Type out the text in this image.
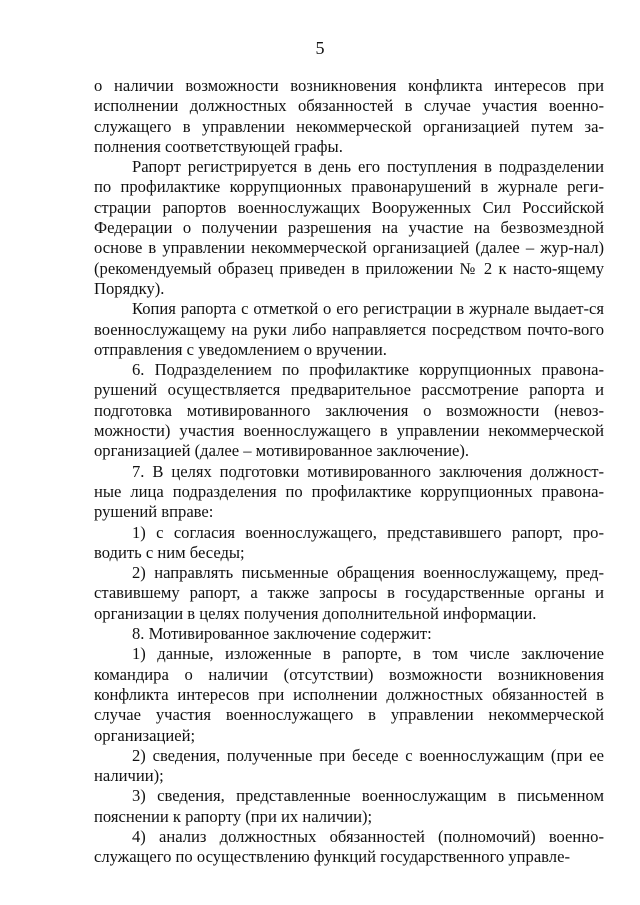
5

о наличии возможности возникновения конфликта интересов при исполнении должностных обязанностей в случае участия военно-служащего в управлении некоммерческой организацией путем за-полнения соответствующей графы.

Рапорт регистрируется в день его поступления в подразделении по профилактике коррупционных правонарушений в журнале реги-страции рапортов военнослужащих Вооруженных Сил Российской Федерации о получении разрешения на участие на безвозмездной основе в управлении некоммерческой организацией (далее – жур-нал) (рекомендуемый образец приведен в приложении № 2 к насто-ящему Порядку).

Копия рапорта с отметкой о его регистрации в журнале выдает-ся военнослужащему на руки либо направляется посредством почто-вого отправления с уведомлением о вручении.

6. Подразделением по профилактике коррупционных правона-рушений осуществляется предварительное рассмотрение рапорта и подготовка мотивированного заключения о возможности (невоз-можности) участия военнослужащего в управлении некоммерческой организацией (далее – мотивированное заключение).

7. В целях подготовки мотивированного заключения должност-ные лица подразделения по профилактике коррупционных правона-рушений вправе:

1) с согласия военнослужащего, представившего рапорт, про-водить с ним беседы;

2) направлять письменные обращения военнослужащему, пред-ставившему рапорт, а также запросы в государственные органы и организации в целях получения дополнительной информации.

8. Мотивированное заключение содержит:

1) данные, изложенные в рапорте, в том числе заключение командира о наличии (отсутствии) возможности возникновения конфликта интересов при исполнении должностных обязанностей в случае участия военнослужащего в управлении некоммерческой организацией;

2) сведения, полученные при беседе с военнослужащим (при ее наличии);

3) сведения, представленные военнослужащим в письменном пояснении к рапорту (при их наличии);

4) анализ должностных обязанностей (полномочий) военно-служащего по осуществлению функций государственного управле-
